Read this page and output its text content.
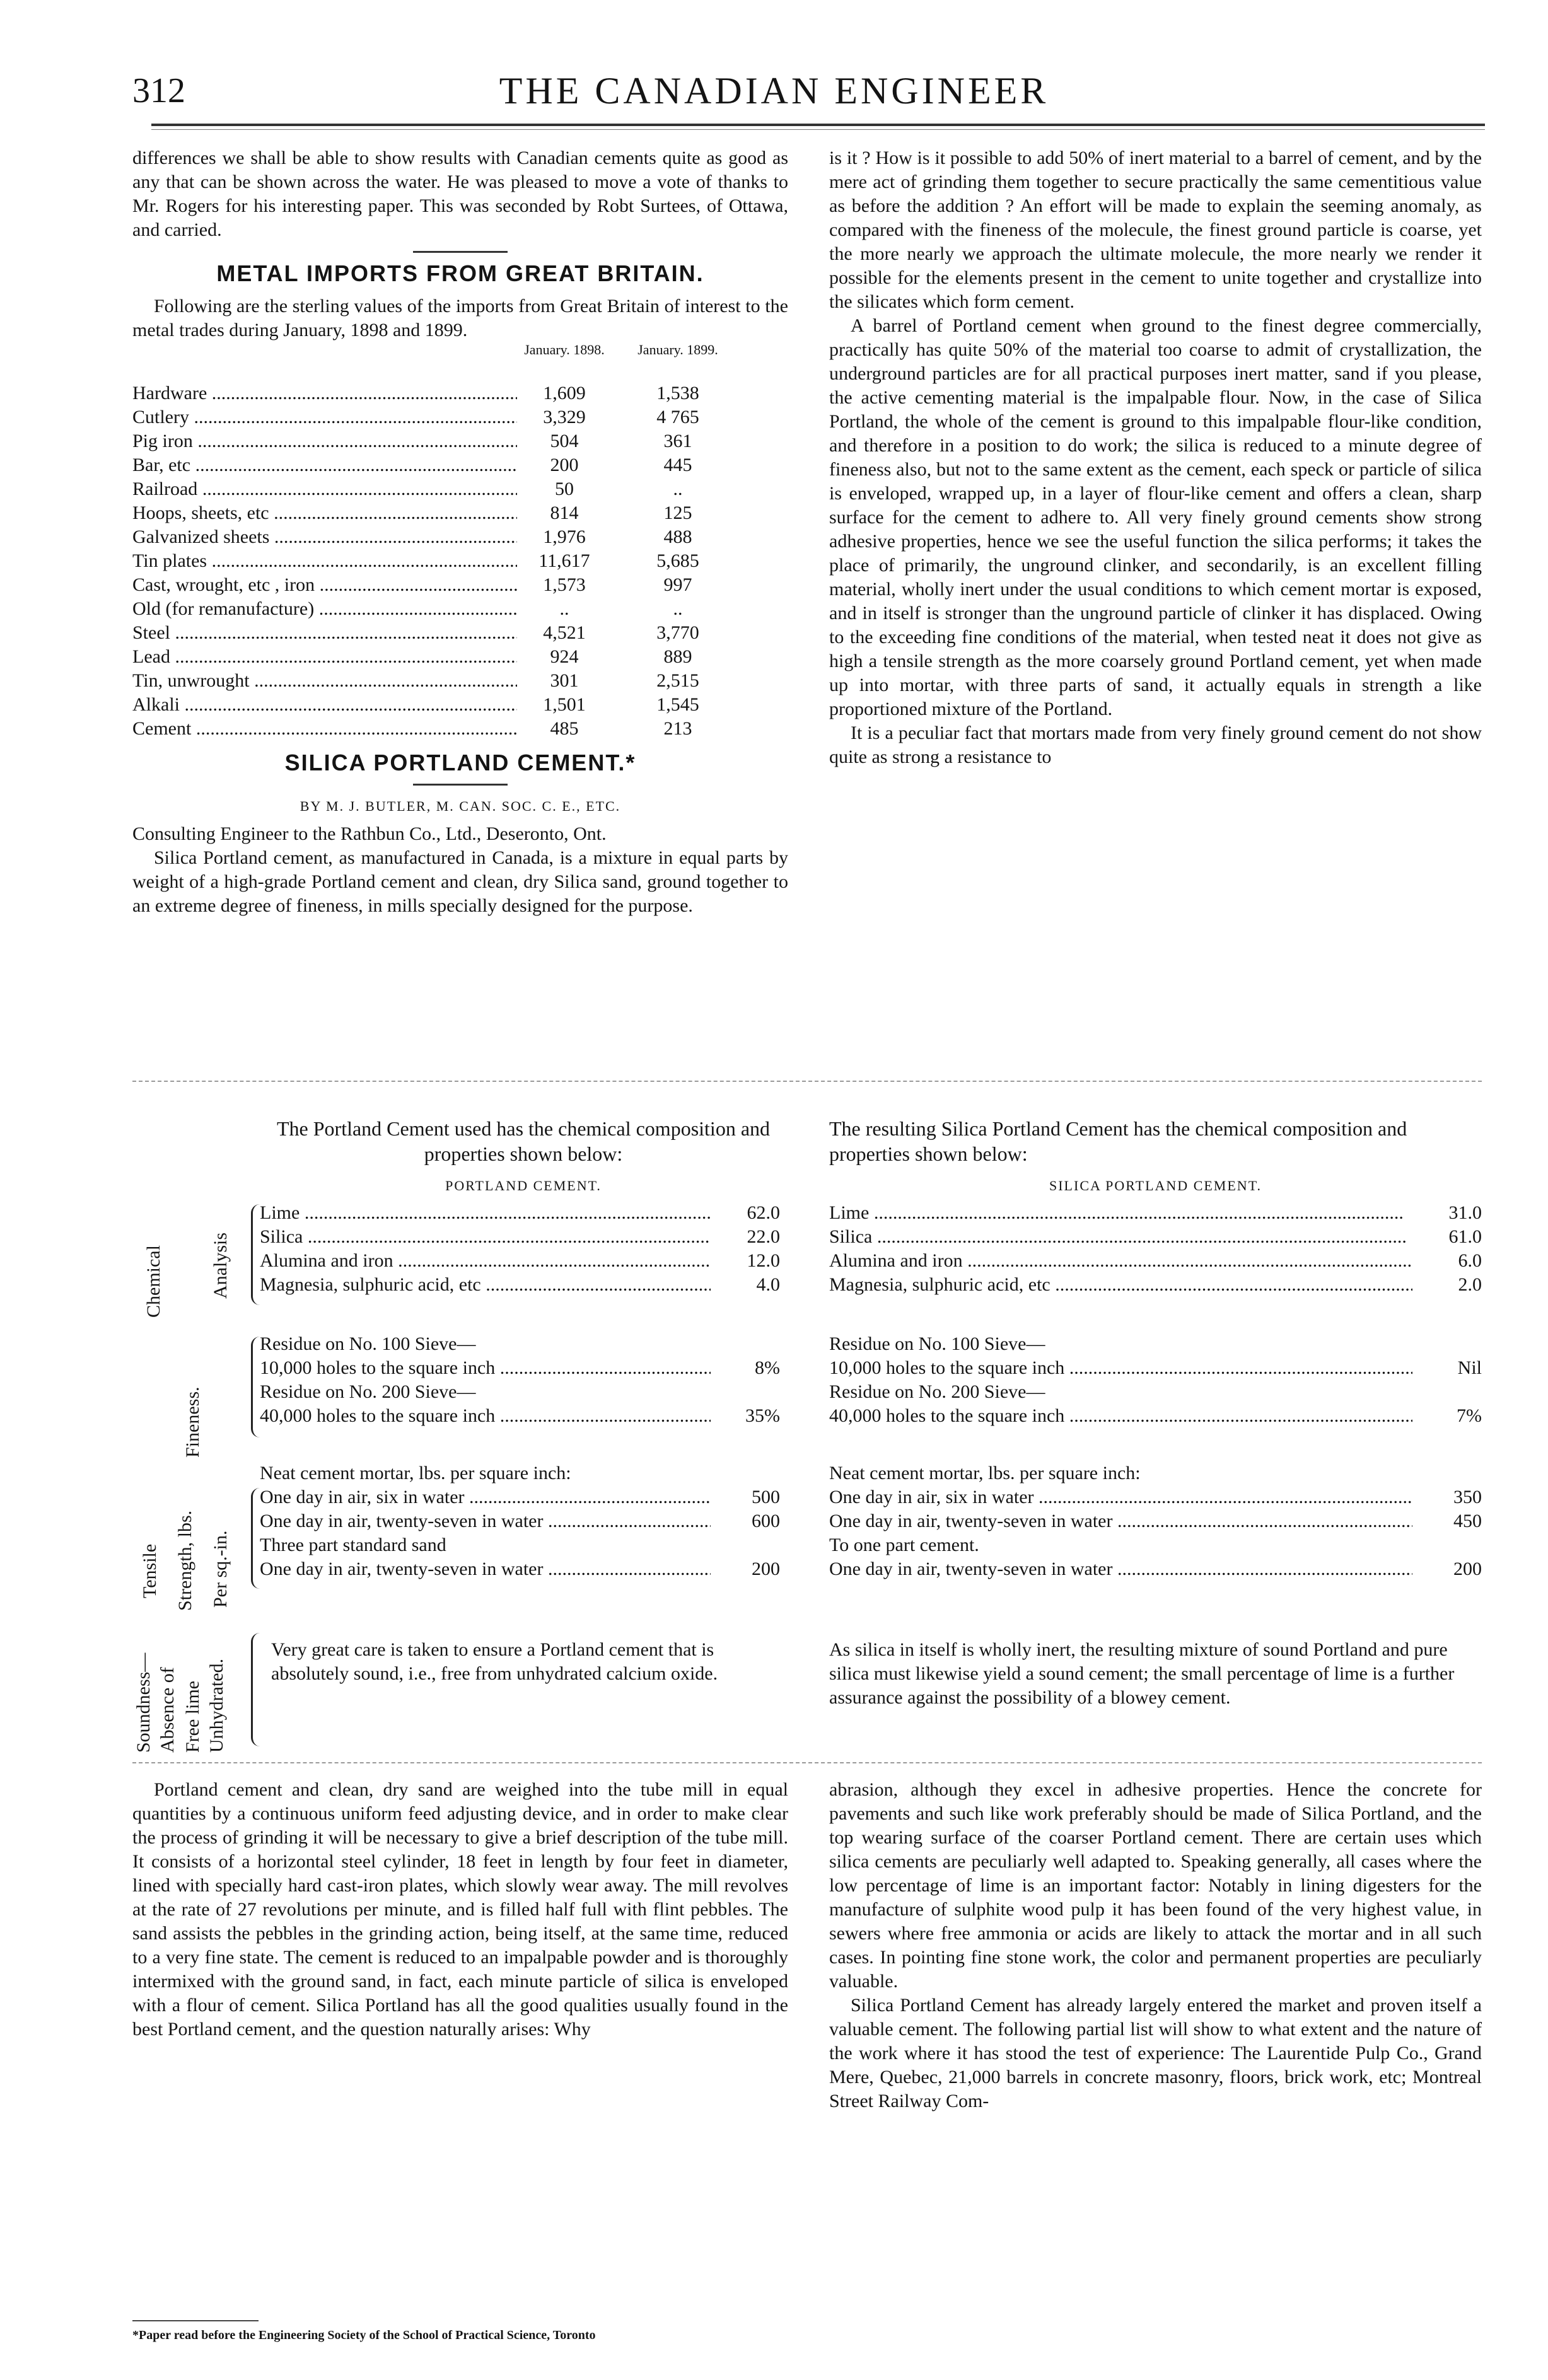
312	THE CANADIAN ENGINEER

differences we shall be able to show results with Canadian cements quite as good as any that can be shown across the water. He was pleased to move a vote of thanks to Mr. Rogers for his interesting paper. This was seconded by Robt Surtees, of Ottawa, and carried.

METAL IMPORTS FROM GREAT BRITAIN.

Following are the sterling values of the imports from Great Britain of interest to the metal trades during January, 1898 and 1899.

January. 1898.	January. 1899.
Hardware .....	1,609	1,538
Cutlery .....	3,329	4 765
Pig iron .....	504	361
Bar, etc .....	200	445
Railroad .....	50	..
Hoops, sheets, etc .....	814	125
Galvanized sheets .....	1,976	488
Tin plates .....	11,617	5,685
Cast, wrought, etc , iron .....	1,573	997
Old (for remanufacture) .....	..	..
Steel .....	4,521	3,770
Lead .....	924	889
Tin, unwrought .....	301	2,515
Alkali .....	1,501	1,545
Cement .....	485	213
SILICA PORTLAND CEMENT.*
BY M. J. BUTLER, M. CAN. SOC. C. E., ETC.

Consulting Engineer to the Rathbun Co., Ltd., Deseronto, Ont.

Silica Portland cement, as manufactured in Canada, is a mixture in equal parts by weight of a high-grade Portland cement and clean, dry Silica sand, ground together to an extreme degree of fineness, in mills specially designed for the purpose.

is it ? How is it possible to add 50% of inert material to a barrel of cement, and by the mere act of grinding them together to secure practically the same cementitious value as before the addition ? An effort will be made to explain the seeming anomaly, as compared with the fineness of the molecule, the finest ground particle is coarse, yet the more nearly we approach the ultimate molecule, the more nearly we render it possible for the elements present in the cement to unite together and crystallize into the silicates which form cement.

A barrel of Portland cement when ground to the finest degree commercially, practically has quite 50% of the material too coarse to admit of crystallization, the underground particles are for all practical purposes inert matter, sand if you please, the active cementing material is the impalpable flour. Now, in the case of Silica Portland, the whole of the cement is ground to this impalpable flour-like condition, and therefore in a position to do work; the silica is reduced to a minute degree of fineness also, but not to the same extent as the cement, each speck or particle of silica is enveloped, wrapped up, in a layer of flour-like cement and offers a clean, sharp surface for the cement to adhere to. All very finely ground cements show strong adhesive properties, hence we see the useful function the silica performs; it takes the place of primarily, the unground clinker, and secondarily, is an excellent filling material, wholly inert under the usual conditions to which cement mortar is exposed, and in itself is stronger than the unground particle of clinker it has displaced. Owing to the exceeding fine conditions of the material, when tested neat it does not give as high a tensile strength as the more coarsely ground Portland cement, yet when made up into mortar, with three parts of sand, it actually equals in strength a like proportioned mixture of the Portland.

It is a peculiar fact that mortars made from very finely ground cement do not show quite as strong a resistance to

The Portland Cement used has the chemical composition and properties shown below:
PORTLAND CEMENT.
The resulting Silica Portland Cement has the chemical composition and properties shown below:
SILICA PORTLAND CEMENT.
Chemical Analysis
Fineness.
Tensile Strength, lbs. Per sq.-in.
Soundness— Absence of Free lime Unhydrated.
Lime .....	62.0
Silica .....	22.0
Alumina and iron .....	12.0
Magnesia, sulphuric acid, etc .....	4.0
Residue on No. 100 Sieve—
10,000 holes to the square inch .....	8%
Residue on No. 200 Sieve—
40,000 holes to the square inch .....	35%
Neat cement mortar, lbs. per square inch:
One day in air, six in water .....	500
One day in air, twenty-seven in water .....	600
Three part standard sand
One day in air, twenty-seven in water .....	200
Lime .....	31.0
Silica .....	61.0
Alumina and iron .....	6.0
Magnesia, sulphuric acid, etc .....	2.0
Residue on No. 100 Sieve—
10,000 holes to the square inch .....	Nil
Residue on No. 200 Sieve—
40,000 holes to the square inch .....	7%
Neat cement mortar, lbs. per square inch:
One day in air, six in water .....	350
One day in air, twenty-seven in water .....	450
To one part cement.
One day in air, twenty-seven in water .....	200

Very great care is taken to ensure a Portland cement that is absolutely sound, i.e., free from unhydrated calcium oxide.

As silica in itself is wholly inert, the resulting mixture of sound Portland and pure silica must likewise yield a sound cement; the small percentage of lime is a further assurance against the possibility of a blowey cement.

Portland cement and clean, dry sand are weighed into the tube mill in equal quantities by a continuous uniform feed adjusting device, and in order to make clear the process of grinding it will be necessary to give a brief description of the tube mill. It consists of a horizontal steel cylinder, 18 feet in length by four feet in diameter, lined with specially hard cast-iron plates, which slowly wear away. The mill revolves at the rate of 27 revolutions per minute, and is filled half full with flint pebbles. The sand assists the pebbles in the grinding action, being itself, at the same time, reduced to a very fine state. The cement is reduced to an impalpable powder and is thoroughly intermixed with the ground sand, in fact, each minute particle of silica is enveloped with a flour of cement. Silica Portland has all the good qualities usually found in the best Portland cement, and the question naturally arises: Why

abrasion, although they excel in adhesive properties. Hence the concrete for pavements and such like work preferably should be made of Silica Portland, and the top wearing surface of the coarser Portland cement. There are certain uses which silica cements are peculiarly well adapted to. Speaking generally, all cases where the low percentage of lime is an important factor: Notably in lining digesters for the manufacture of sulphite wood pulp it has been found of the very highest value, in sewers where free ammonia or acids are likely to attack the mortar and in all such cases. In pointing fine stone work, the color and permanent properties are peculiarly valuable.

Silica Portland Cement has already largely entered the market and proven itself a valuable cement. The following partial list will show to what extent and the nature of the work where it has stood the test of experience: The Laurentide Pulp Co., Grand Mere, Quebec, 21,000 barrels in concrete masonry, floors, brick work, etc; Montreal Street Railway Com-

*Paper read before the Engineering Society of the School of Practical Science, Toronto
